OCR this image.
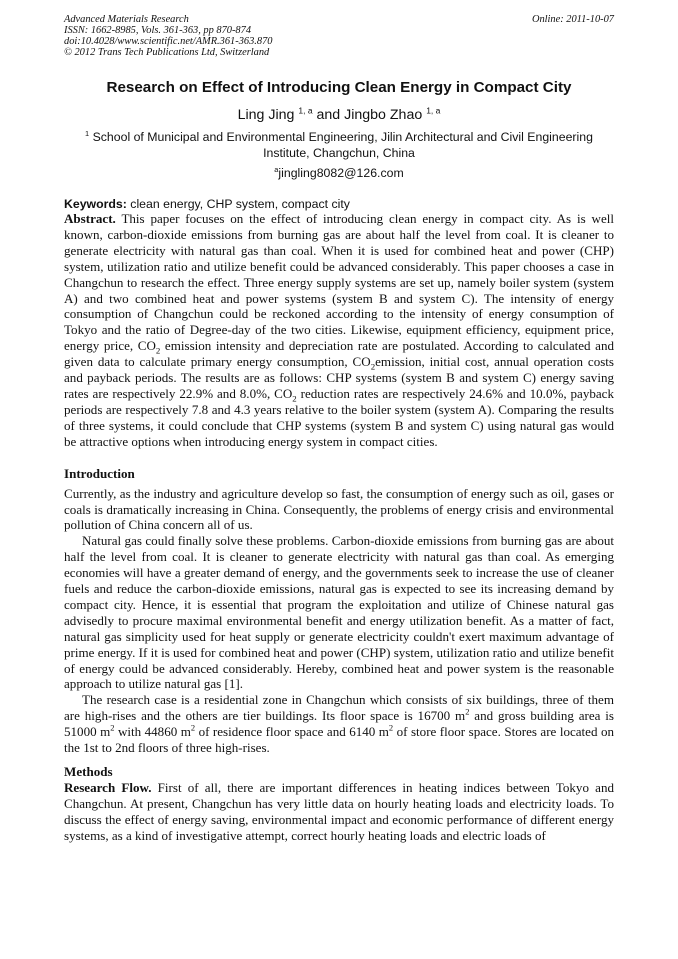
Advanced Materials Research
ISSN: 1662-8985, Vols. 361-363, pp 870-874
doi:10.4028/www.scientific.net/AMR.361-363.870
© 2012 Trans Tech Publications Ltd, Switzerland
Online: 2011-10-07
Research on Effect of Introducing Clean Energy in Compact City
Ling Jing $^{1, a}$ and Jingbo Zhao $^{1, a}$
$^1$ School of Municipal and Environmental Engineering, Jilin Architectural and Civil Engineering Institute, Changchun, China
$^a$jingling8082@126.com
Keywords: clean energy, CHP system, compact city

Abstract. This paper focuses on the effect of introducing clean energy in compact city. As is well known, carbon-dioxide emissions from burning gas are about half the level from coal. It is cleaner to generate electricity with natural gas than coal. When it is used for combined heat and power (CHP) system, utilization ratio and utilize benefit could be advanced considerably. This paper chooses a case in Changchun to research the effect. Three energy supply systems are set up, namely boiler system (system A) and two combined heat and power systems (system B and system C). The intensity of energy consumption of Changchun could be reckoned according to the intensity of energy consumption of Tokyo and the ratio of Degree-day of the two cities. Likewise, equipment efficiency, equipment price, energy price, $CO_2$ emission intensity and depreciation rate are postulated. According to calculated and given data to calculate primary energy consumption, $CO_2emission$, initial cost, annual operation costs and payback periods. The results are as follows: CHP systems (system B and system C) energy saving rates are respectively 22.9% and 8.0%, $CO_2$ reduction rates are respectively 24.6% and 10.0%, payback periods are respectively 7.8 and 4.3 years relative to the boiler system (system A). Comparing the results of three systems, it could conclude that CHP systems (system B and system C) using natural gas would be attractive options when introducing energy system in compact cities.

Introduction

Currently, as the industry and agriculture develop so fast, the consumption of energy such as oil, gases or coals is dramatically increasing in China. Consequently, the problems of energy crisis and environmental pollution of China concern all of us.

Natural gas could finally solve these problems. Carbon-dioxide emissions from burning gas are about half the level from coal. It is cleaner to generate electricity with natural gas than coal. As emerging economies will have a greater demand of energy, and the governments seek to increase the use of cleaner fuels and reduce the carbon-dioxide emissions, natural gas is expected to see its increasing demand by compact city. Hence, it is essential that program the exploitation and utilize of Chinese natural gas advisedly to procure maximal environmental benefit and energy utilization benefit. As a matter of fact, natural gas simplicity used for heat supply or generate electricity couldn't exert maximum advantage of prime energy. If it is used for combined heat and power (CHP) system, utilization ratio and utilize benefit of energy could be advanced considerably. Hereby, combined heat and power system is the reasonable approach to utilize natural gas [1].

The research case is a residential zone in Changchun which consists of six buildings, three of them are high-rises and the others are tier buildings. Its floor space is 16700 $m^2$ and gross building area is 51000 $m^2$ with 44860 $m^2$ of residence floor space and 6140 $m^2$ of store floor space. Stores are located on the 1st to 2nd floors of three high-rises.

Methods

Research Flow. First of all, there are important differences in heating indices between Tokyo and Changchun. At present, Changchun has very little data on hourly heating loads and electricity loads. To discuss the effect of energy saving, environmental impact and economic performance of different energy systems, as a kind of investigative attempt, correct hourly heating loads and electric loads of
